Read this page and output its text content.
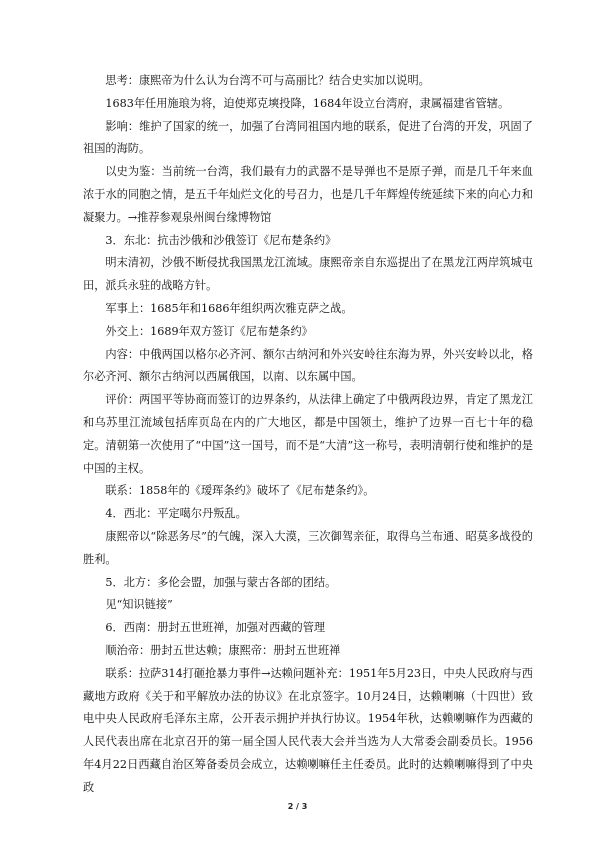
思考：康熙帝为什么认为台湾不可与高丽比？结合史实加以说明。

1683年任用施琅为将，迫使郑克塽投降，1684年设立台湾府，隶属福建省管辖。

影响：维护了国家的统一，加强了台湾同祖国内地的联系，促进了台湾的开发，巩固了祖国的海防。

以史为鉴：当前统一台湾，我们最有力的武器不是导弹也不是原子弹，而是几千年来血浓于水的同胞之情，是五千年灿烂文化的号召力，也是几千年辉煌传统延续下来的向心力和凝聚力。→推荐参观泉州闽台缘博物馆

3．东北：抗击沙俄和沙俄签订《尼布楚条约》

明末清初，沙俄不断侵扰我国黑龙江流域。康熙帝亲自东巡提出了在黑龙江两岸筑城屯田，派兵永驻的战略方针。

军事上：1685年和1686年组织两次雅克萨之战。

外交上：1689年双方签订《尼布楚条约》

内容：中俄两国以格尔必齐河、额尔古纳河和外兴安岭往东海为界，外兴安岭以北，格尔必齐河、额尔古纳河以西属俄国，以南、以东属中国。

评价：两国平等协商而签订的边界条约，从法律上确定了中俄两段边界，肯定了黑龙江和乌苏里江流域包括库页岛在内的广大地区，都是中国领土，维护了边界一百七十年的稳定。清朝第一次使用了“中国”这一国号，而不是“大清”这一称号，表明清朝行使和维护的是中国的主权。

联系：1858年的《瑷珲条约》破坏了《尼布楚条约》。

4．西北：平定噶尔丹叛乱。

康熙帝以“除恶务尽”的气魄，深入大漠，三次御驾亲征，取得乌兰布通、昭莫多战役的胜利。

5．北方：多伦会盟，加强与蒙古各部的团结。

见“知识链接”

6．西南：册封五世班禅，加强对西藏的管理

顺治帝：册封五世达赖；康熙帝：册封五世班禅

联系：拉萨314打砸抢暴力事件→达赖问题补充：1951年5月23日，中央人民政府与西藏地方政府《关于和平解放办法的协议》在北京签字。10月24日，达赖喇嘛（十四世）致电中央人民政府毛泽东主席，公开表示拥护并执行协议。1954年秋，达赖喇嘛作为西藏的人民代表出席在北京召开的第一届全国人民代表大会并当选为人大常委会副委员长。1956年4月22日西藏自治区筹备委员会成立，达赖喇嘛任主任委员。此时的达赖喇嘛得到了中央政

2 / 3
